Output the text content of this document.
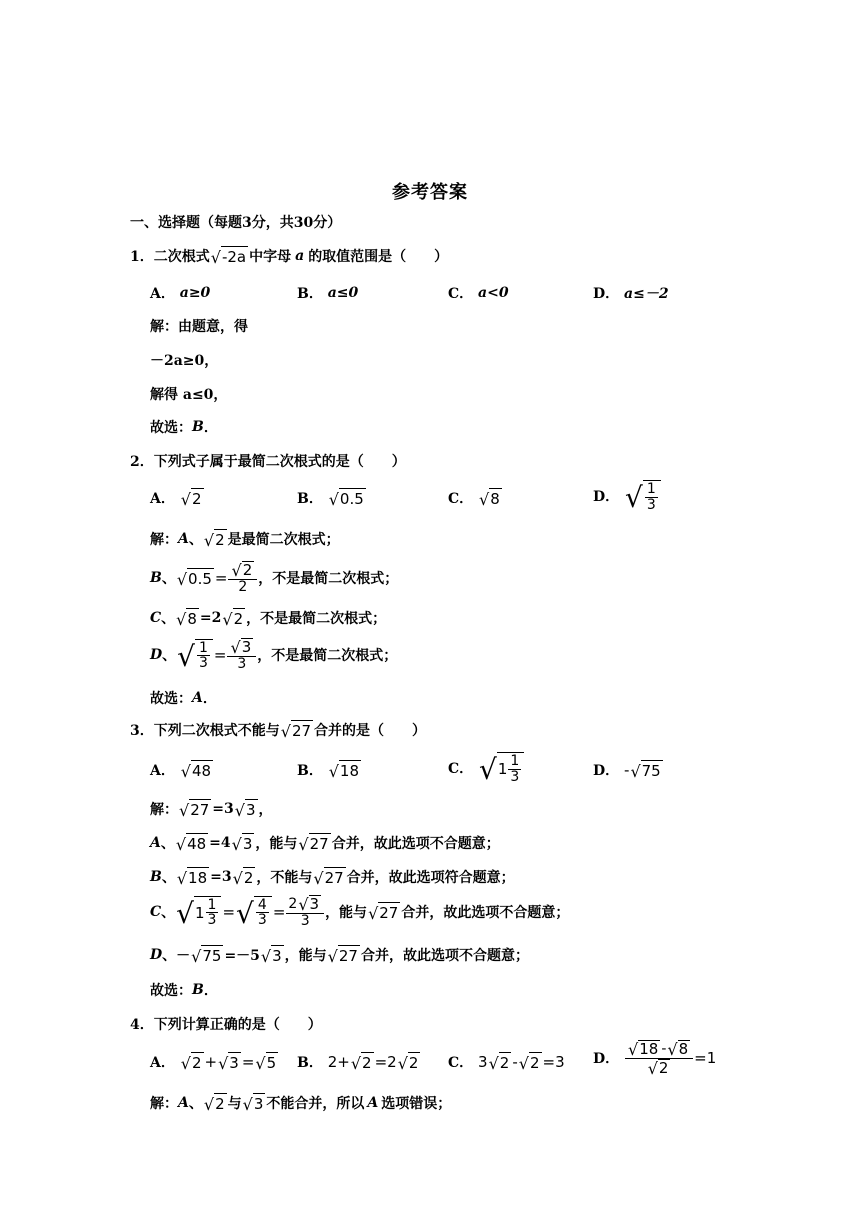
参考答案
一、选择题（每题3分，共30分）
1． 二次根式 √ -2a 中字母 a 的取值范围是（　　）
A．
a≥0	B．
a≤0	C．
a<0	D．
a≤－2
解：由题意，得
－2a≥0，
解得 a≤0，
故选： B ．
2． 下列式子属于最简二次根式的是（　　）
A．
√ 2	B．
√ 0.5	C．
√ 8	D．
√ $\frac{1}{3}$
解： A 、 √ 2 是最简二次根式；
B 、 √ $0.5 = \frac{√ 2}{2}$ ，不是最简二次根式；
C 、 √ 8 =2 √ 2 ，不是最简二次根式；
D 、 √ $\frac{1}{3} = \frac{√ 3}{3}$ ，不是最简二次根式；
故选： A ．
3． 下列二次根式不能与 √ 27 合并的是（　　）
A．
√ 48	B．
√ 18	C．
√ $1 \frac{1}{3}$	D．
- √ 75
解： √ 27 =3 √ 3 ，
A 、 √ 48 =4 √ 3 ，能与 √ 27 合并，故此选项不合题意；
B 、 √ 18 =3 √ 2 ，不能与 √ 27 合并，故此选项符合题意；
C 、 √ $1 \frac{1}{3}$ = √ $\frac{4}{3} = \frac{2 √ 3}{3}$ ，能与 √ 27 合并，故此选项不合题意；
D 、 － √ 75 =－5 √ 3 ，能与 √ 27 合并，故此选项不合题意；
故选： B ．
4． 下列计算正确的是（　　）
A．
√ 2 + √ 3 = √ 5 B．
2+ √ 2 =2 √ 2 C．
3 √ 2 - √ 2 =3 D．
$\frac{√ 18 - √ 8}{√ 2} =1$
解： A 、 √ 2 与 √ 3 不能合并，所以 A 选项错误；
